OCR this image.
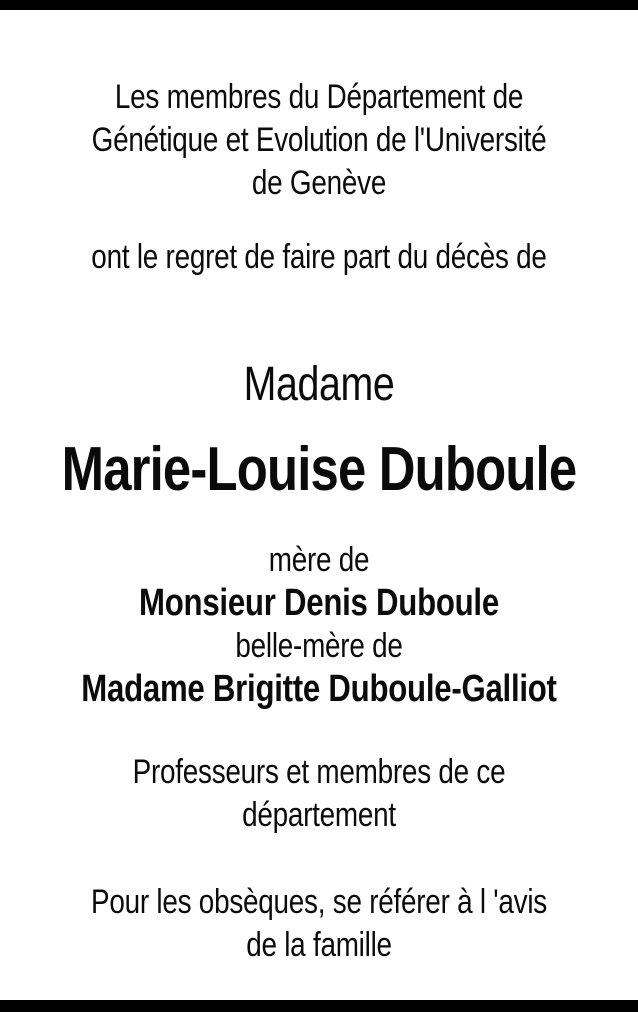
Les membres du Département de
Génétique et Evolution de l'Université
de Genève
ont le regret de faire part du décès de
Madame
Marie-Louise Duboule
mère de
Monsieur Denis Duboule
belle-mère de
Madame Brigitte Duboule-Galliot
Professeurs et membres de ce
département
Pour les obsèques, se référer à l 'avis
de la famille
